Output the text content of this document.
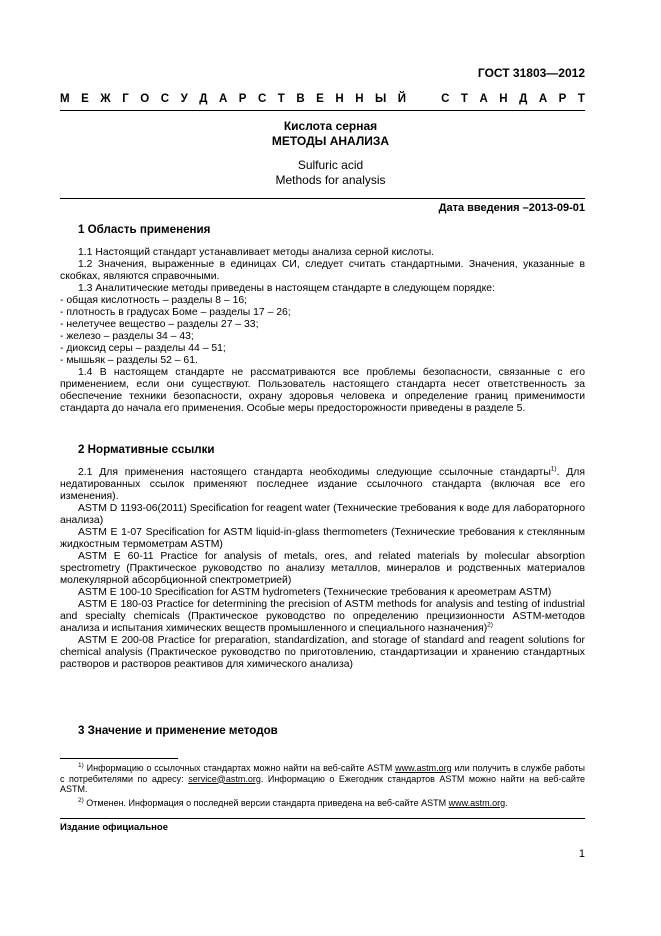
ГОСТ 31803—2012
М Е Ж Г О С У Д А Р С Т В Е Н Н Ы Й	С Т А Н Д А Р Т
Кислота серная
МЕТОДЫ АНАЛИЗА
Sulfuric acid
Methods for analysis
Дата введения –2013-09-01

1 Область применения

1.1 Настоящий стандарт устанавливает методы анализа серной кислоты.

1.2 Значения, выраженные в единицах СИ, следует считать стандартными. Значения, указанные в скобках, являются справочными.

1.3 Аналитические методы приведены в настоящем стандарте в следующем порядке:

- общая кислотность – разделы 8 – 16;

- плотность в градусах Боме – разделы 17 – 26;

- нелетучее вещество – разделы 27 – 33;

- железо – разделы 34 – 43;

- диоксид серы – разделы 44 – 51;

- мышьяк – разделы 52 – 61.

1.4 В настоящем стандарте не рассматриваются все проблемы безопасности, связанные с его применением, если они существуют. Пользователь настоящего стандарта несет ответственность за обеспечение техники безопасности, охрану здоровья человека и определение границ применимости стандарта до начала его применения. Особые меры предосторожности приведены в разделе 5.

2 Нормативные ссылки

2.1 Для применения настоящего стандарта необходимы следующие ссылочные стандарты$^{1)}$. Для недатированных ссылок применяют последнее издание ссылочного стандарта (включая все его изменения).

ASTM D 1193-06(2011) Specification for reagent water (Технические требования к воде для лабораторного анализа)

ASTM E 1-07 Specification for ASTM liquid-in-glass thermometers (Технические требования к стеклянным жидкостным термометрам ASTM)

ASTM E 60-11 Practice for analysis of metals, ores, and related materials by molecular absorption spectrometry (Практическое руководство по анализу металлов, минералов и родственных материалов молекулярной абсорбционной спектрометрией)

ASTM E 100-10 Specification for ASTM hydrometers (Технические требования к ареометрам ASTM)

ASTM E 180-03 Practice for determining the precision of ASTM methods for analysis and testing of industrial and specialty chemicals (Практическое руководство по определению прецизионности ASTM-методов анализа и испытания химических веществ промышленного и специального назначения)$^{2)}$

ASTM E 200-08 Practice for preparation, standardization, and storage of standard and reagent solutions for chemical analysis (Практическое руководство по приготовлению, стандартизации и хранению стандартных растворов и растворов реактивов для химического анализа)

3 Значение и применение методов

$^{1)}$ Информацию о ссылочных стандартах можно найти на веб-сайте ASTM www.astm.org или получить в службе работы с потребителями по адресу: service@astm.org. Информацию о Ежегодник стандартов ASTM можно найти на веб-сайте ASTM.
$^{2)}$ Отменен. Информация о последней версии стандарта приведена на веб-сайте ASTM www.astm.org.
Издание официальное
1
